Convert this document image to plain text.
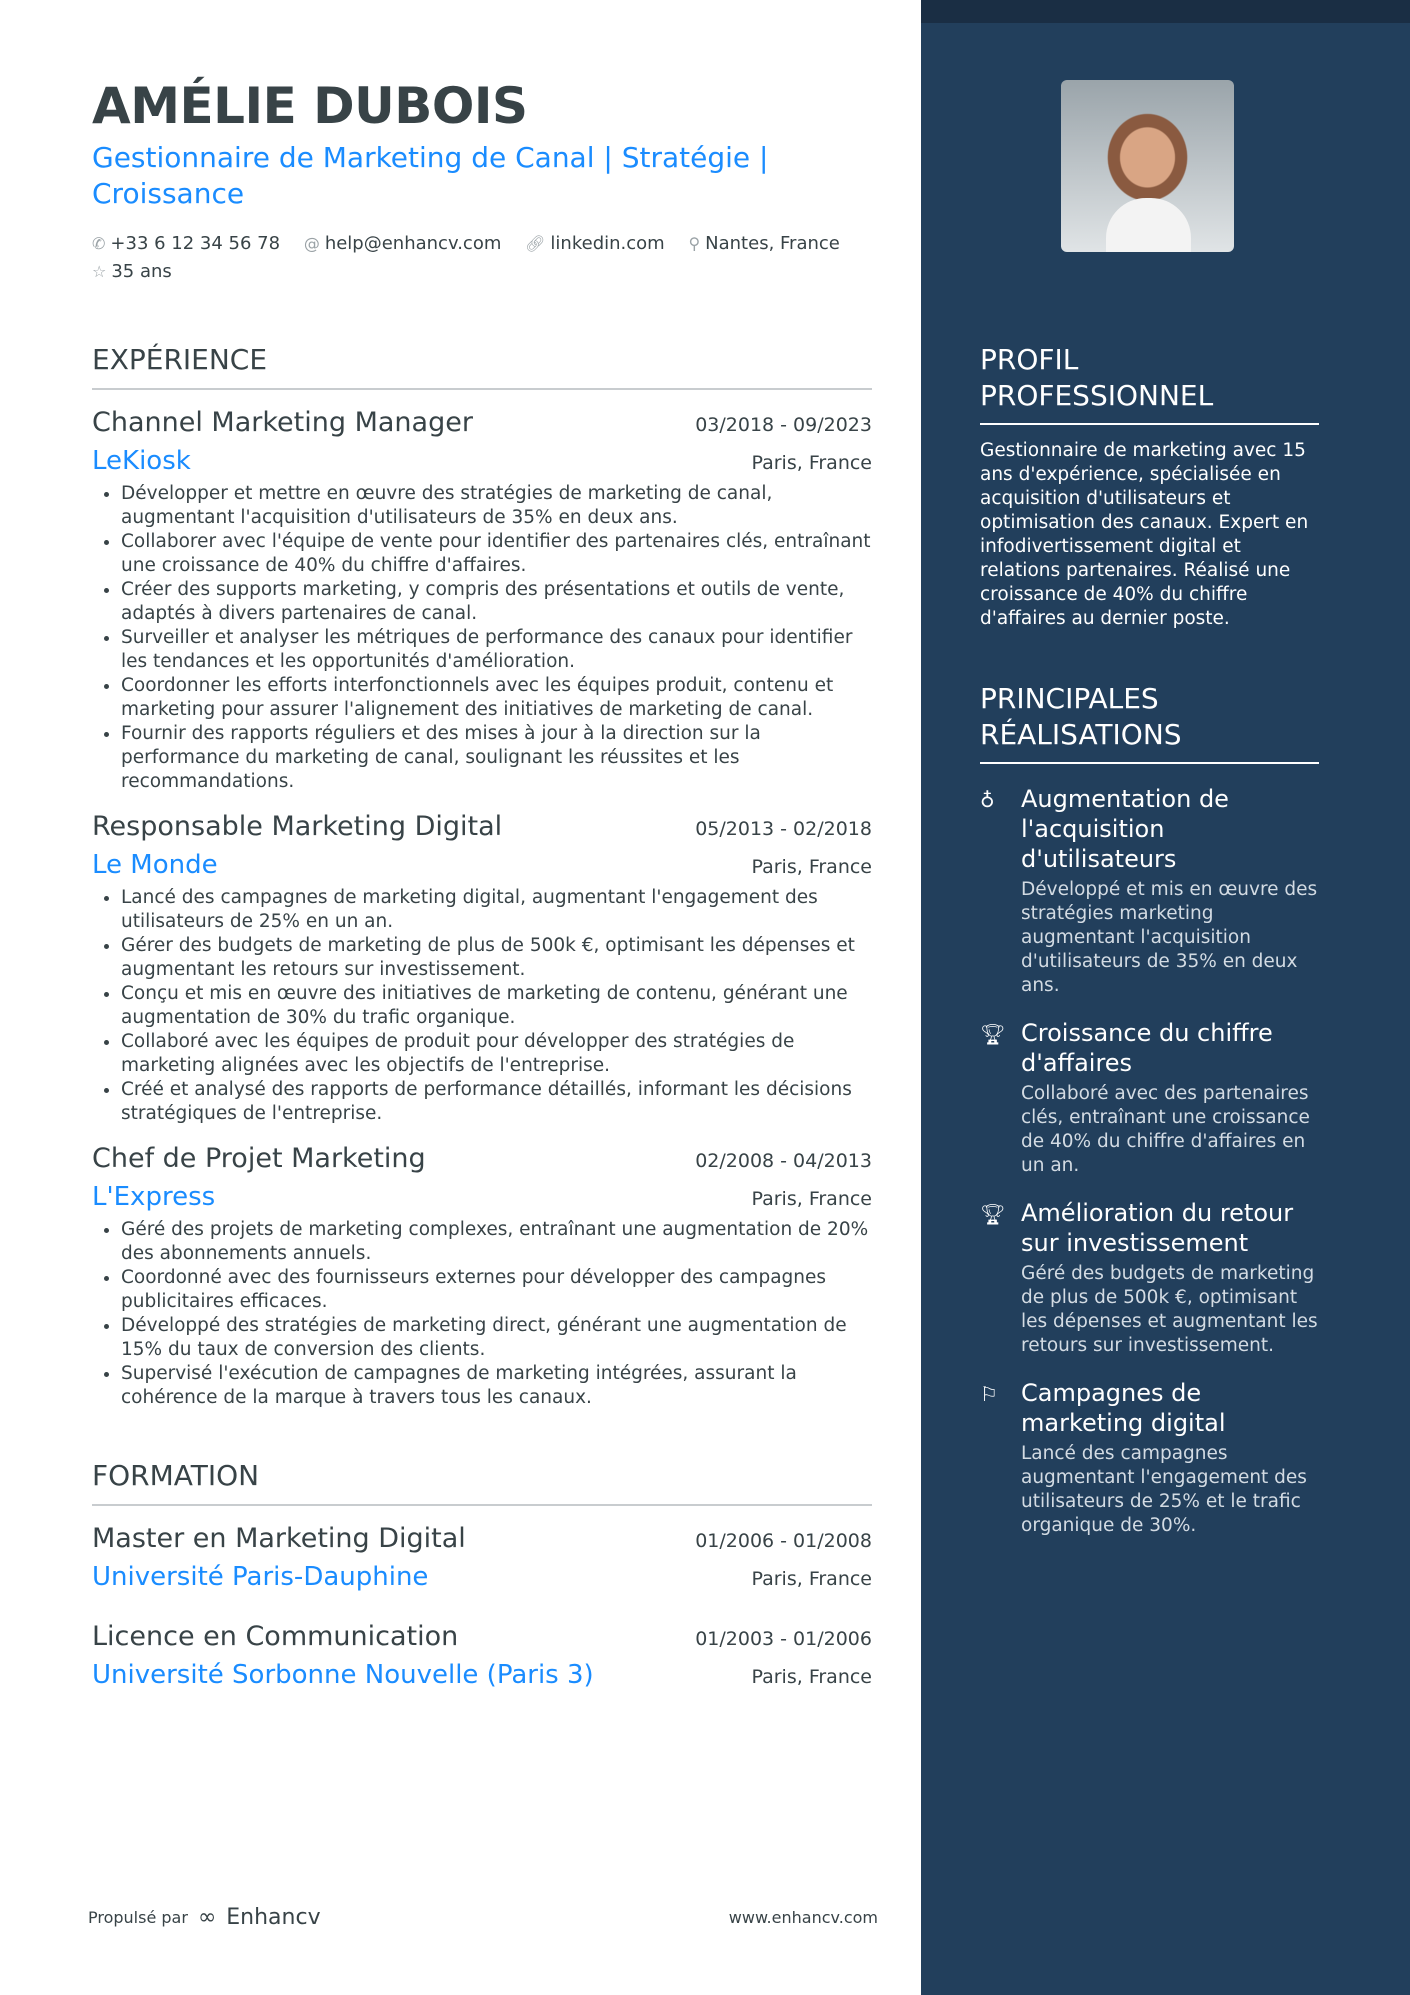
AMÉLIE DUBOIS
Gestionnaire de Marketing de Canal | Stratégie | Croissance
✆ +33 6 12 34 56 78 @ help@enhancv.com 🔗︎ linkedin.com ⚲ Nantes, France
☆ 35 ans
EXPÉRIENCE
Channel Marketing Manager	03/2018 - 09/2023
LeKiosk	Paris, France
• Développer et mettre en œuvre des stratégies de marketing de canal, augmentant l'acquisition d'utilisateurs de 35% en deux ans.
• Collaborer avec l'équipe de vente pour identifier des partenaires clés, entraînant une croissance de 40% du chiffre d'affaires.
• Créer des supports marketing, y compris des présentations et outils de vente, adaptés à divers partenaires de canal.
• Surveiller et analyser les métriques de performance des canaux pour identifier les tendances et les opportunités d'amélioration.
• Coordonner les efforts interfonctionnels avec les équipes produit, contenu et marketing pour assurer l'alignement des initiatives de marketing de canal.
• Fournir des rapports réguliers et des mises à jour à la direction sur la performance du marketing de canal, soulignant les réussites et les recommandations.
Responsable Marketing Digital	05/2013 - 02/2018
Le Monde	Paris, France
• Lancé des campagnes de marketing digital, augmentant l'engagement des utilisateurs de 25% en un an.
• Gérer des budgets de marketing de plus de 500k €, optimisant les dépenses et augmentant les retours sur investissement.
• Conçu et mis en œuvre des initiatives de marketing de contenu, générant une augmentation de 30% du trafic organique.
• Collaboré avec les équipes de produit pour développer des stratégies de marketing alignées avec les objectifs de l'entreprise.
• Créé et analysé des rapports de performance détaillés, informant les décisions stratégiques de l'entreprise.
Chef de Projet Marketing	02/2008 - 04/2013
L'Express	Paris, France
• Géré des projets de marketing complexes, entraînant une augmentation de 20% des abonnements annuels.
• Coordonné avec des fournisseurs externes pour développer des campagnes publicitaires efficaces.
• Développé des stratégies de marketing direct, générant une augmentation de 15% du taux de conversion des clients.
• Supervisé l'exécution de campagnes de marketing intégrées, assurant la cohérence de la marque à travers tous les canaux.
FORMATION
Master en Marketing Digital	01/2006 - 01/2008
Université Paris-Dauphine	Paris, France
Licence en Communication	01/2003 - 01/2006
Université Sorbonne Nouvelle (Paris 3)	Paris, France
PROFIL PROFESSIONNEL
Gestionnaire de marketing avec 15 ans d'expérience, spécialisée en acquisition d'utilisateurs et optimisation des canaux. Expert en infodivertissement digital et relations partenaires. Réalisé une croissance de 40% du chiffre d'affaires au dernier poste.
PRINCIPALES RÉALISATIONS
♁	Augmentation de l'acquisition d'utilisateurs
Développé et mis en œuvre des stratégies marketing augmentant l'acquisition d'utilisateurs de 35% en deux ans.
🏆︎ Croissance du chiffre d'affaires
Collaboré avec des partenaires clés, entraînant une croissance de 40% du chiffre d'affaires en un an.
🏆︎ Amélioration du retour sur investissement
Géré des budgets de marketing de plus de 500k €, optimisant les dépenses et augmentant les retours sur investissement.
⚐ Campagnes de marketing digital
Lancé des campagnes augmentant l'engagement des utilisateurs de 25% et le trafic organique de 30%.
Propulsé par ∞ Enhancv	www.enhancv.com
